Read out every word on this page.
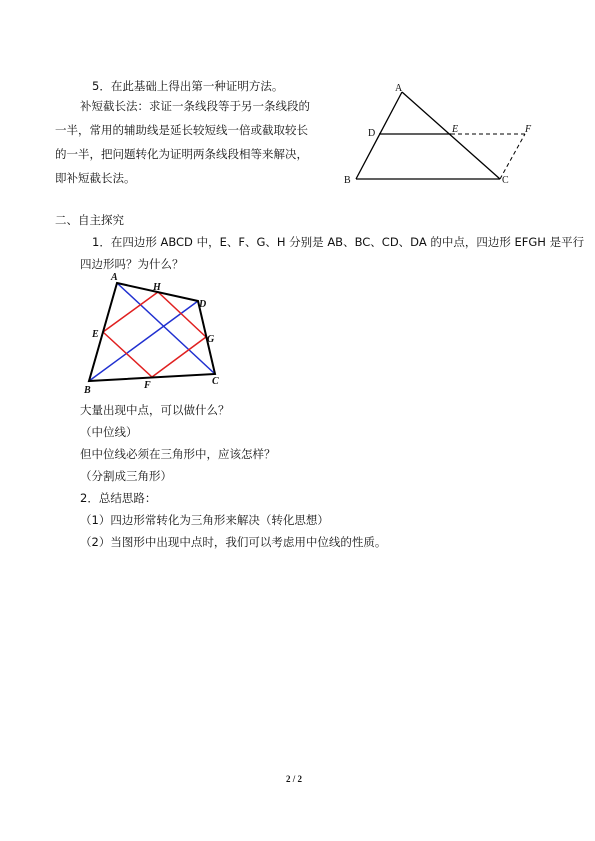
5．在此基础上得出第一种证明方法。
补短截长法：求证一条线段等于另一条线段的
一半，常用的辅助线是延长较短线一倍或截取较长
的一半，把问题转化为证明两条线段相等来解决，
即补短截长法。
A
D	E	F
B	C
二、自主探究
1．在四边形 ABCD 中，E、F、G、H 分别是 AB、BC、CD、DA 的中点，四边形 EFGH 是平行
四边形吗？为什么？
A
H
D
E	G
B	F	C
大量出现中点，可以做什么？
（中位线）
但中位线必须在三角形中，应该怎样？
（分割成三角形）
2．总结思路：
（1）四边形常转化为三角形来解决（转化思想）
（2）当图形中出现中点时，我们可以考虑用中位线的性质。
2 / 2
